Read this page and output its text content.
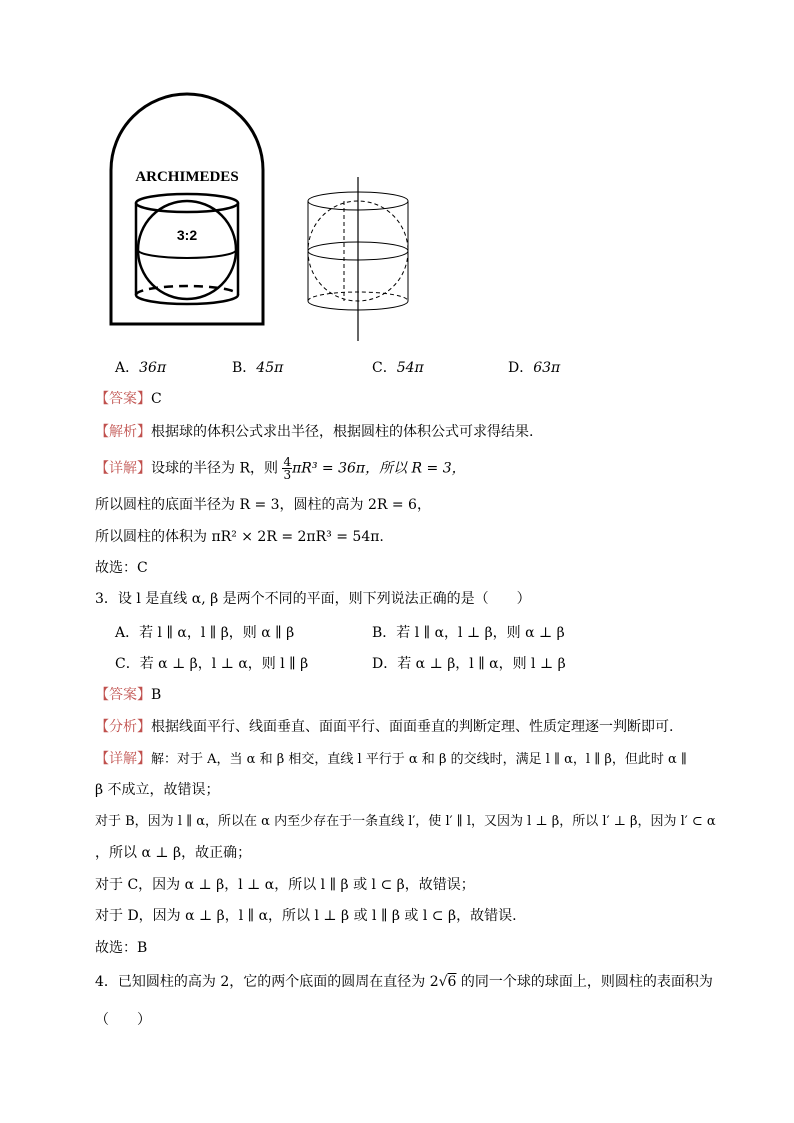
ARCHIMEDES
3:2
A．36π	B．45π	C．54π	D．63π
【答案】C
【解析】根据球的体积公式求出半径，根据圆柱的体积公式可求得结果.
【详解】设球的半径为 R，则 $\frac{4}{3} \pi R^3 = 36\pi$，所以 R = 3，
所以圆柱的底面半径为 R = 3，圆柱的高为 2R = 6，
所以圆柱的体积为 πR² × 2R = 2πR³ = 54π.
故选：C
3．设 l 是直线 α, β 是两个不同的平面，则下列说法正确的是（　　）
A．若 l ∥ α，l ∥ β，则 α ∥ β	B．若 l ∥ α，l ⊥ β，则 α ⊥ β
C．若 α ⊥ β，l ⊥ α，则 l ∥ β	D．若 α ⊥ β，l ∥ α，则 l ⊥ β
【答案】B
【分析】根据线面平行、线面垂直、面面平行、面面垂直的判断定理、性质定理逐一判断即可.
【详解】解：对于 A，当 α 和 β 相交，直线 l 平行于 α 和 β 的交线时，满足 l ∥ α，l ∥ β，但此时 α ∥
β 不成立，故错误；
对于 B，因为 l ∥ α，所以在 α 内至少存在于一条直线 l′，使 l′ ∥ l，又因为 l ⊥ β，所以 l′ ⊥ β，因为 l′ ⊂ α
，所以 α ⊥ β，故正确；
对于 C，因为 α ⊥ β，l ⊥ α，所以 l ∥ β 或 l ⊂ β，故错误；
对于 D，因为 α ⊥ β，l ∥ α，所以 l ⊥ β 或 l ∥ β 或 l ⊂ β，故错误.
故选：B
4．已知圆柱的高为 2，它的两个底面的圆周在直径为 2√6 的同一个球的球面上，则圆柱的表面积为
（　　）
